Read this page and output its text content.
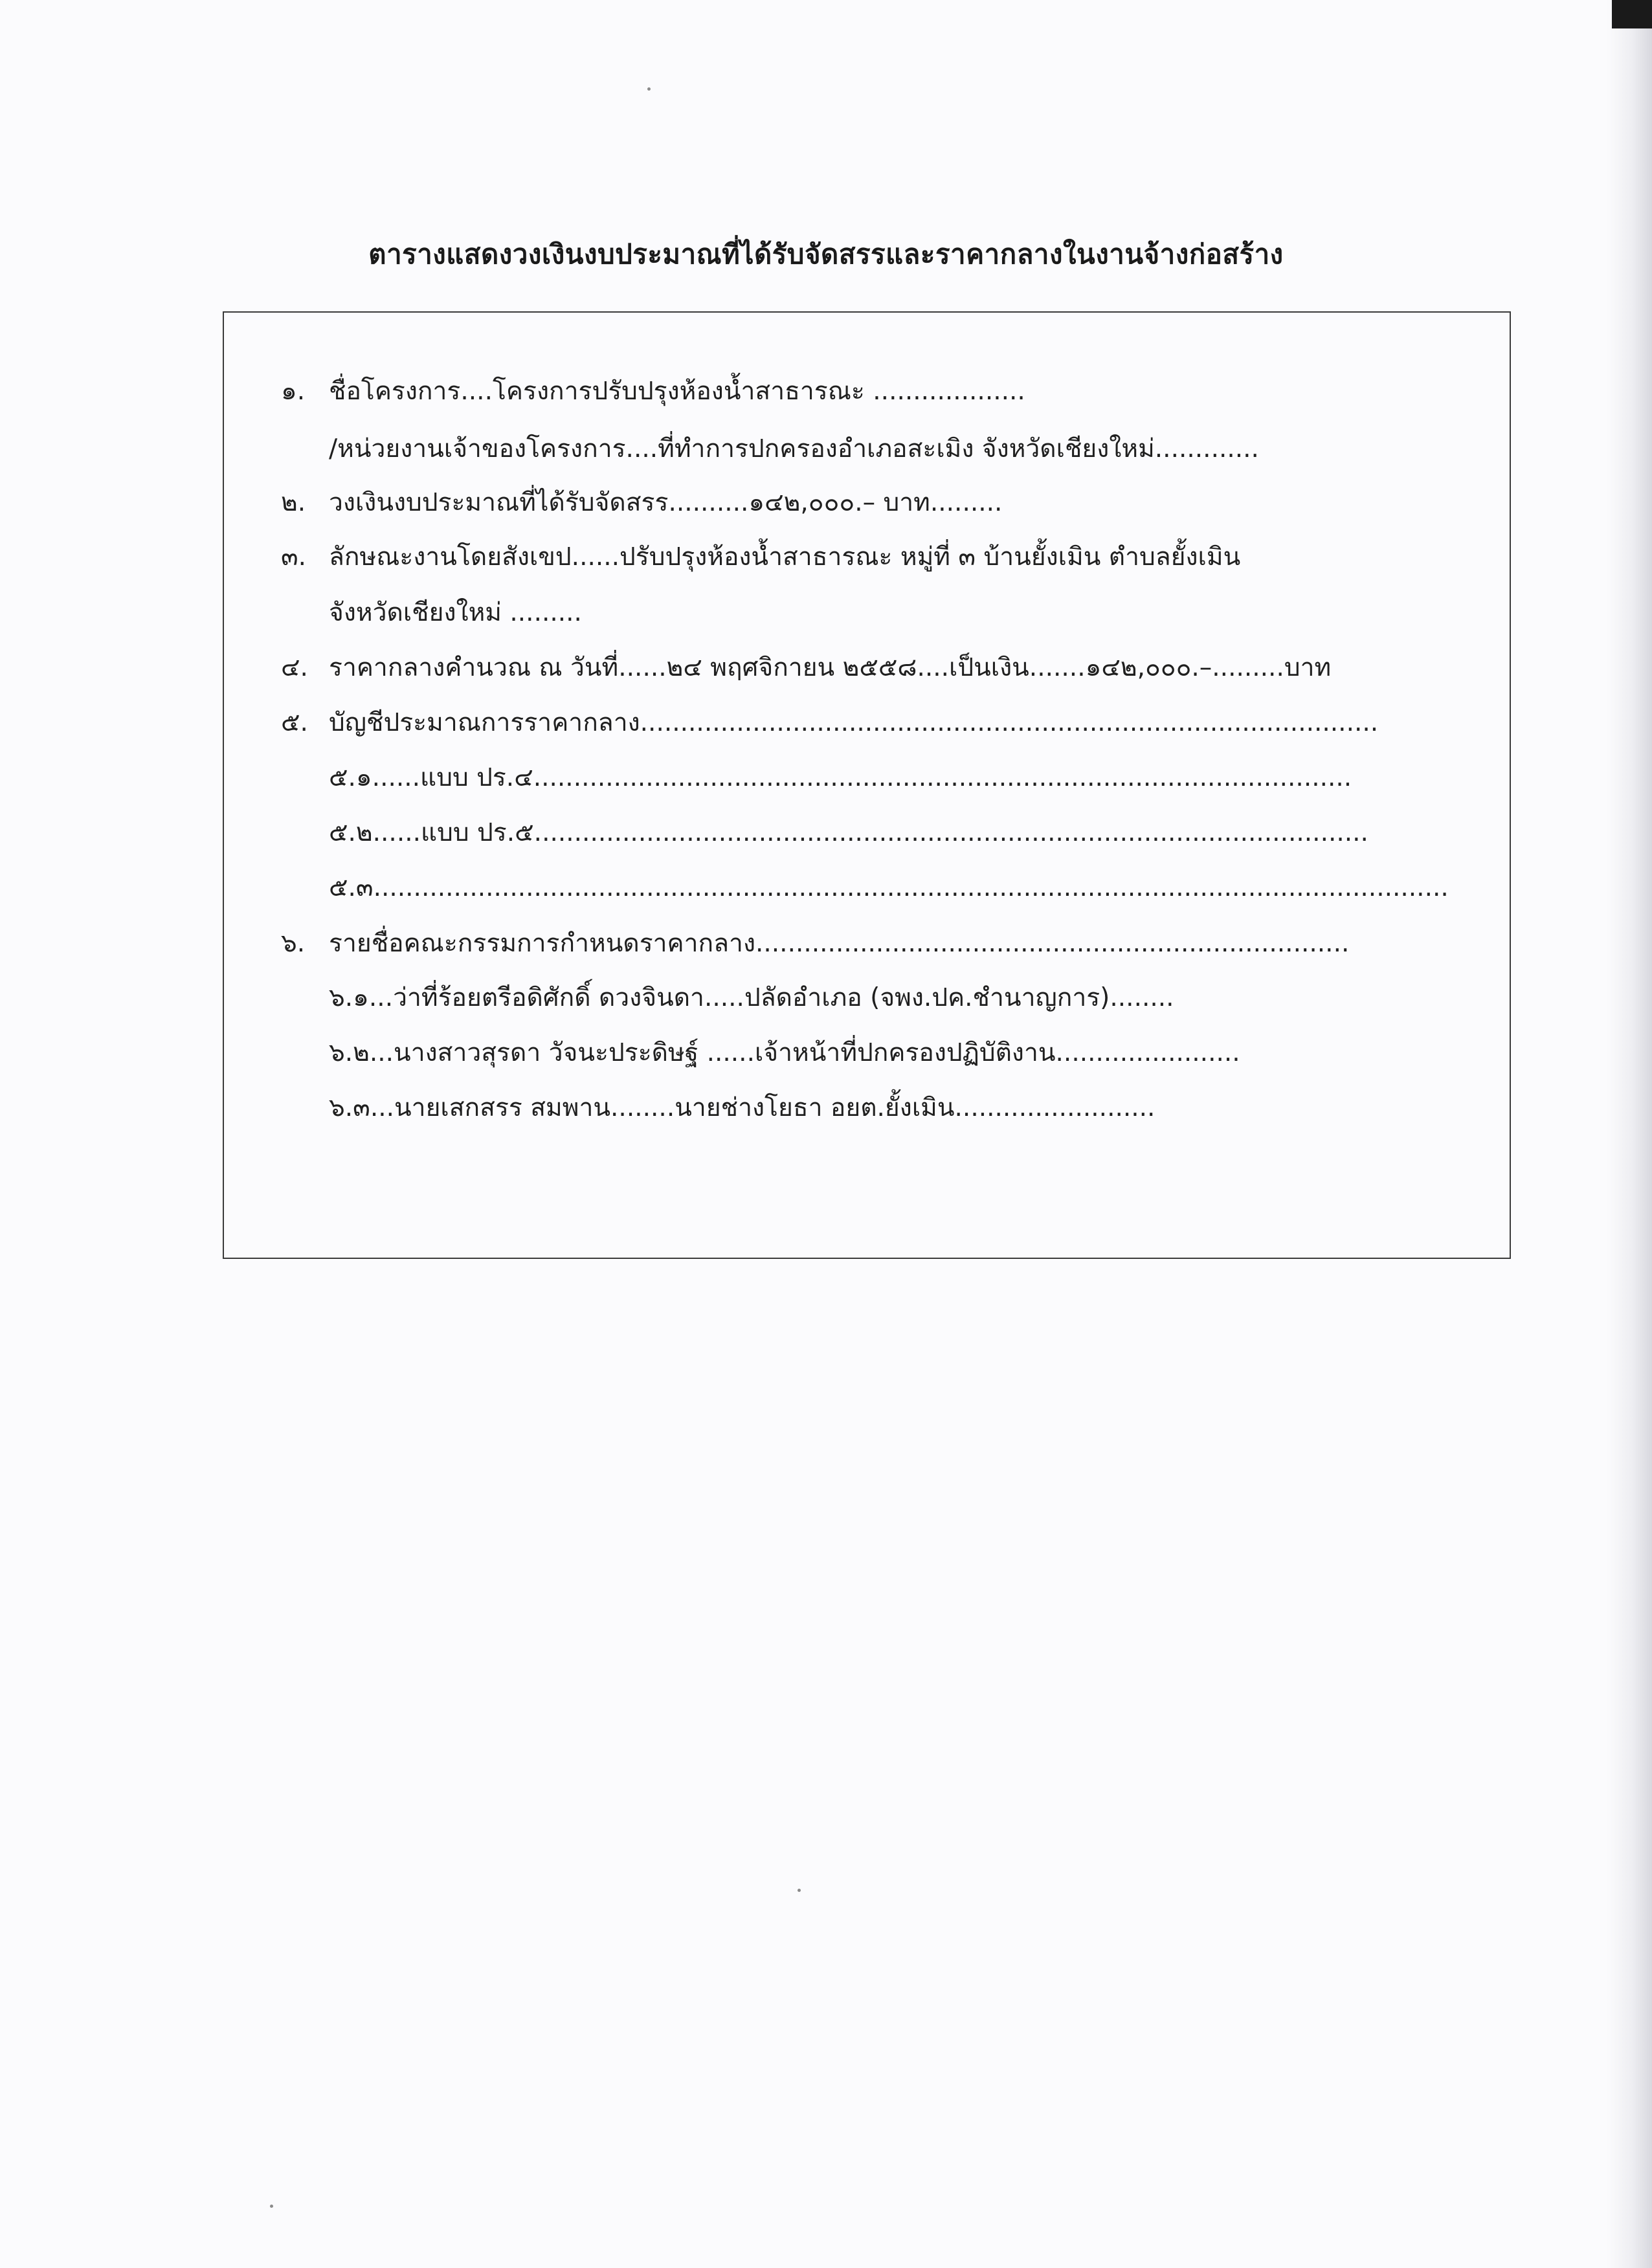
ตารางแสดงวงเงินงบประมาณที่ได้รับจัดสรรและราคากลางในงานจ้างก่อสร้าง
๑. ชื่อโครงการ....โครงการปรับปรุงห้องน้ำสาธารณะ ...................
/หน่วยงานเจ้าของโครงการ....ที่ทำการปกครองอำเภอสะเมิง จังหวัดเชียงใหม่.............
๒. วงเงินงบประมาณที่ได้รับจัดสรร..........๑๔๒,๐๐๐.– บาท.........
๓. ลักษณะงานโดยสังเขป......ปรับปรุงห้องน้ำสาธารณะ หมู่ที่ ๓ บ้านยั้งเมิน ตำบลยั้งเมิน
จังหวัดเชียงใหม่ .........
๔. ราคากลางคำนวณ ณ วันที่......๒๔ พฤศจิกายน ๒๕๕๘....เป็นเงิน.......๑๔๒,๐๐๐.–.........บาท
๕. บัญชีประมาณการราคากลาง............................................................................................
๕.๑......แบบ ปร.๔......................................................................................................
๕.๒......แบบ ปร.๕........................................................................................................
๕.๓......................................................................................................................................
๖. รายชื่อคณะกรรมการกำหนดราคากลาง..........................................................................
๖.๑...ว่าที่ร้อยตรีอดิศักดิ์ ดวงจินดา.....ปลัดอำเภอ (จพง.ปค.ชำนาญการ)........
๖.๒...นางสาวสุรดา วัจนะประดิษฐ์ ......เจ้าหน้าที่ปกครองปฏิบัติงาน.......................
๖.๓...นายเสกสรร สมพาน........นายช่างโยธา อยต.ยั้งเมิน.........................
